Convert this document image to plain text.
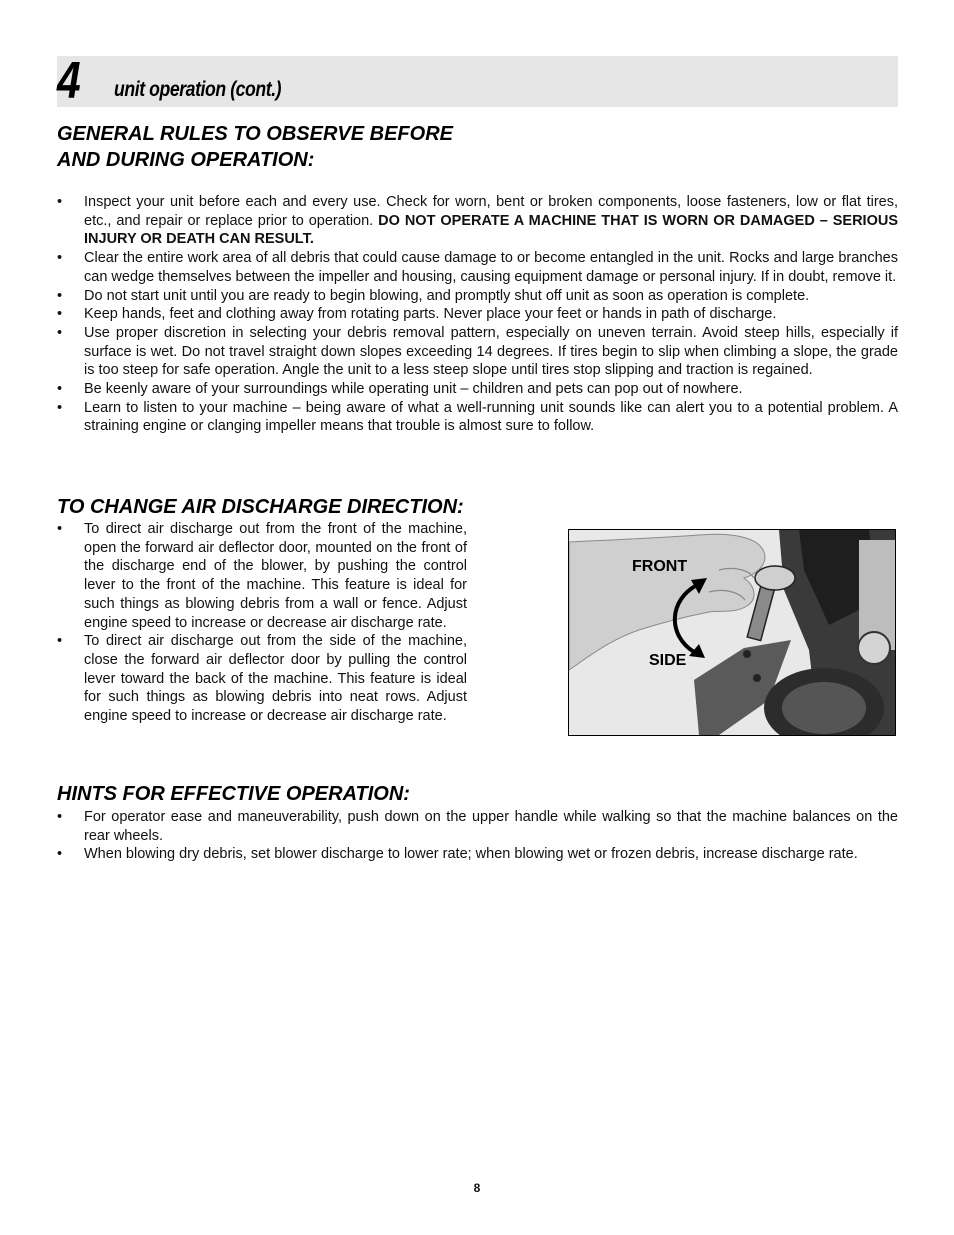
4 unit operation (cont.)
GENERAL RULES TO OBSERVE BEFORE
AND DURING OPERATION:
• Inspect your unit before each and every use. Check for worn, bent or broken components, loose fasteners, low or flat tires, etc., and repair or replace prior to operation. DO NOT OPERATE A MACHINE THAT IS WORN OR DAMAGED – SERIOUS INJURY OR DEATH CAN RESULT.
• Clear the entire work area of all debris that could cause damage to or become entangled in the unit. Rocks and large branches can wedge themselves between the impeller and housing, causing equipment damage or personal injury. If in doubt, remove it.
• Do not start unit until you are ready to begin blowing, and promptly shut off unit as soon as operation is complete.
• Keep hands, feet and clothing away from rotating parts. Never place your feet or hands in path of discharge.
• Use proper discretion in selecting your debris removal pattern, especially on uneven terrain. Avoid steep hills, especially if surface is wet. Do not travel straight down slopes exceeding 14 degrees. If tires begin to slip when climbing a slope, the grade is too steep for safe operation. Angle the unit to a less steep slope until tires stop slipping and traction is regained.
• Be keenly aware of your surroundings while operating unit – children and pets can pop out of nowhere.
• Learn to listen to your machine – being aware of what a well-running unit sounds like can alert you to a potential problem. A straining engine or clanging impeller means that trouble is almost sure to follow.
TO CHANGE AIR DISCHARGE DIRECTION:
• To direct air discharge out from the front of the machine, open the forward air deflector door, mounted on the front of the discharge end of the blower, by pushing the control lever to the front of the machine. This feature is ideal for such things as blowing debris from a wall or fence. Adjust engine speed to increase or decrease air discharge rate.
• To direct air discharge out from the side of the machine, close the forward air deflector door by pulling the control lever toward the back of the machine. This feature is ideal for such things as blowing debris into neat rows. Adjust engine speed to increase or decrease air discharge rate.
FRONT
SIDE
HINTS FOR EFFECTIVE OPERATION:
• For operator ease and maneuverability, push down on the upper handle while walking so that the machine balances on the rear wheels.
• When blowing dry debris, set blower discharge to lower rate; when blowing wet or frozen debris, increase discharge rate.
8
